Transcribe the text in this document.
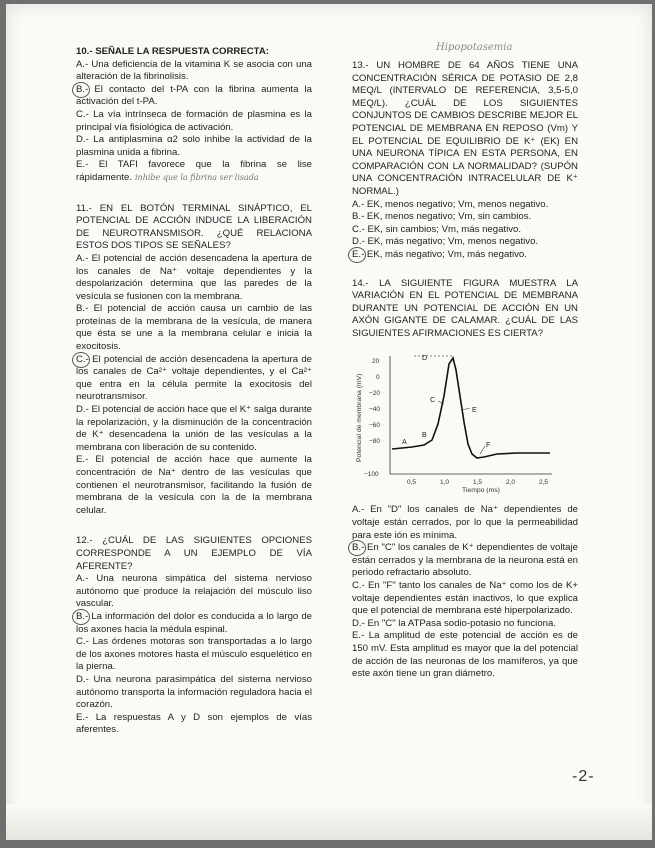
10.- SEÑALE LA RESPUESTA CORRECTA:
A.- Una deficiencia de la vitamina K se asocia con una alteración de la fibrinolisis.
B.- El contacto del t-PA con la fibrina aumenta la activación del t-PA.
C.- La vía intrínseca de formación de plasmina es la principal vía fisiológica de activación.
D.- La antiplasmina α2 solo inhibe la actividad de la plasmina unida a fibrina.
E.- El TAFI favorece que la fibrina se lise rápidamente. inhibe que la fibrina ser lisada
11.- EN EL BOTÓN TERMINAL SINÁPTICO, EL POTENCIAL DE ACCIÓN INDUCE LA LIBERACIÓN DE NEUROTRANSMISOR. ¿QUÉ RELACIONA ESTOS DOS TIPOS SE SEÑALES?
A.- El potencial de acción desencadena la apertura de los canales de Na⁺ voltaje dependientes y la despolarización determina que las paredes de la vesícula se fusionen con la membrana.
B.- El potencial de acción causa un cambio de las proteínas de la membrana de la vesícula, de manera que ésta se une a la membrana celular e inicia la exocitosis.
C.- El potencial de acción desencadena la apertura de los canales de Ca²⁺ voltaje dependientes, y el Ca²⁺ que entra en la célula permite la exocitosis del neurotransmisor.
D.- El potencial de acción hace que el K⁺ salga durante la repolarización, y la disminución de la concentración de K⁺ desencadena la unión de las vesículas a la membrana con liberación de su contenido.
E.- El potencial de acción hace que aumente la concentración de Na⁺ dentro de las vesículas que contienen el neurotransmisor, facilitando la fusión de membrana de la vesícula con la de la membrana celular.
12.- ¿CUÁL DE LAS SIGUIENTES OPCIONES CORRESPONDE A UN EJEMPLO DE VÍA AFERENTE?
A.- Una neurona simpática del sistema nervioso autónomo que produce la relajación del músculo liso vascular.
B.- La información del dolor es conducida a lo largo de los axones hacia la médula espinal.
C.- Las órdenes motoras son transportadas a lo largo de los axones motores hasta el músculo esquelético en la pierna.
D.- Una neurona parasimpática del sistema nervioso autónomo transporta la información reguladora hacia el corazón.
E.- La respuestas A y D son ejemplos de vías aferentes.
Hipopotasemia
13.- UN HOMBRE DE 64 AÑOS TIENE UNA CONCENTRACIÓN SÉRICA DE POTASIO DE 2,8 MEQ/L (INTERVALO DE REFERENCIA, 3,5-5,0 MEQ/L). ¿CUÁL DE LOS SIGUIENTES CONJUNTOS DE CAMBIOS DESCRIBE MEJOR EL POTENCIAL DE MEMBRANA EN REPOSO (Vm) Y EL POTENCIAL DE EQUILIBRIO DE K⁺ (EK) EN UNA NEURONA TÍPICA EN ESTA PERSONA, EN COMPARACIÓN CON LA NORMALIDAD? (SUPÓN UNA CONCENTRACIÓN INTRACELULAR DE K⁺ NORMAL.)
A.- EK, menos negativo; Vm, menos negativo.
B.- EK, menos negativo; Vm, sin cambios.
C.- EK, sin cambios; Vm, más negativo.
D.- EK, más negativo; Vm, menos negativo.
E.- EK, más negativo; Vm, más negativo.
14.- LA SIGUIENTE FIGURA MUESTRA LA VARIACIÓN EN EL POTENCIAL DE MEMBRANA DURANTE UN POTENCIAL DE ACCIÓN EN UN AXÓN GIGANTE DE CALAMAR. ¿CUÁL DE LAS SIGUIENTES AFIRMACIONES ES CIERTA?
Potencial de membrana (mV)
20
0
−20
−40
−60
−80
−100
0,5	1,0	1,5	2,0	2,5
Tiempo (ms)
A
B
C
D
E
F
A.- En "D" los canales de Na⁺ dependientes de voltaje están cerrados, por lo que la permeabilidad para este ión es mínima.
B.- En "C" los canales de K⁺ dependientes de voltaje están cerrados y la membrana de la neurona está en periodo refractario absoluto.
C.- En "F" tanto los canales de Na⁺ como los de K+ voltaje dependientes están inactivos, lo que explica que el potencial de membrana esté hiperpolarizado.
D.- En "C" la ATPasa sodio-potasio no funciona.
E.- La amplitud de este potencial de acción es de 150 mV. Esta amplitud es mayor que la del potencial de acción de las neuronas de los mamíferos, ya que este axón tiene un gran diámetro.
-2-
